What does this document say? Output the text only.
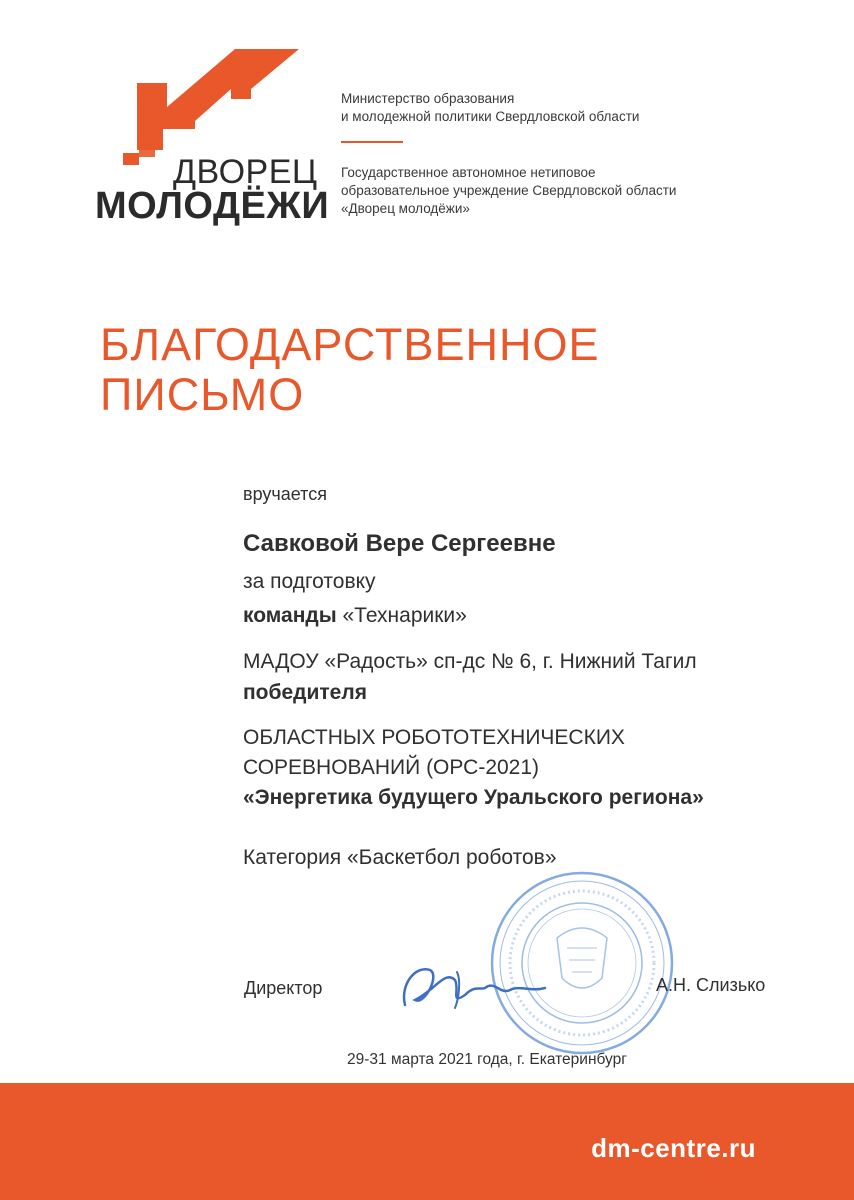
ДВОРЕЦ
МОЛОДЁЖИ
Министерство образования
и молодежной политики Свердловской области
Государственное автономное нетиповое
образовательное учреждение Свердловской области
«Дворец молодёжи»
БЛАГОДАРСТВЕННОЕ
ПИСЬМО
вручается
Савковой Вере Сергеевне
за подготовку
команды «Технарики»
МАДОУ «Радость» сп-дс № 6, г. Нижний Тагил
победителя
ОБЛАСТНЫХ РОБОТОТЕХНИЧЕСКИХ
СОРЕВНОВАНИЙ (ОРС-2021)
«Энергетика будущего Уральского региона»
Категория «Баскетбол роботов»
Директор	А.Н. Слизько
29-31 марта 2021 года, г. Екатеринбург
dm-centre.ru
